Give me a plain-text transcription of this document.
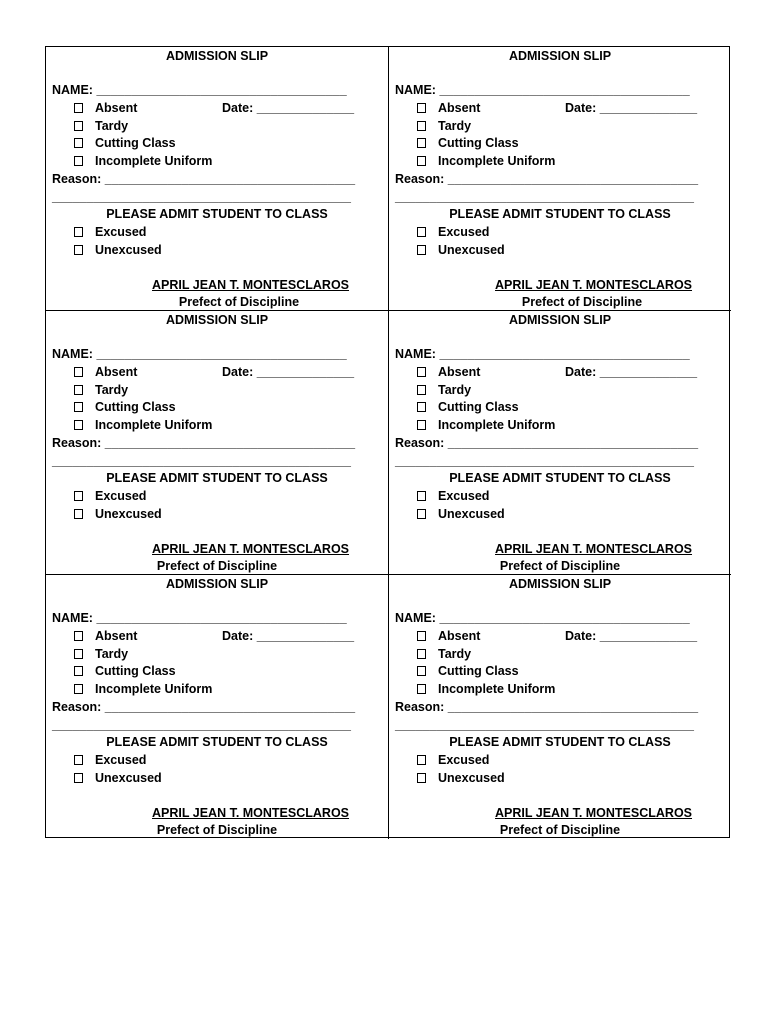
ADMISSION SLIP
NAME: ____________________________________
Absent
Tardy
Cutting Class
Incomplete Uniform
Date: ______________
Reason: ____________________________________
___________________________________________
PLEASE ADMIT STUDENT TO CLASS
Excused
Unexcused
APRIL JEAN T. MONTESCLAROS
Prefect of Discipline
ADMISSION SLIP
NAME: ____________________________________
Absent
Tardy
Cutting Class
Incomplete Uniform
Date: ______________
Reason: ____________________________________
___________________________________________
PLEASE ADMIT STUDENT TO CLASS
Excused
Unexcused
APRIL JEAN T. MONTESCLAROS
Prefect of Discipline
ADMISSION SLIP
NAME: ____________________________________
Absent
Tardy
Cutting Class
Incomplete Uniform
Date: ______________
Reason: ____________________________________
___________________________________________
PLEASE ADMIT STUDENT TO CLASS
Excused
Unexcused
APRIL JEAN T. MONTESCLAROS
Prefect of Discipline
ADMISSION SLIP
NAME: ____________________________________
Absent
Tardy
Cutting Class
Incomplete Uniform
Date: ______________
Reason: ____________________________________
___________________________________________
PLEASE ADMIT STUDENT TO CLASS
Excused
Unexcused
APRIL JEAN T. MONTESCLAROS
Prefect of Discipline
ADMISSION SLIP
NAME: ____________________________________
Absent
Tardy
Cutting Class
Incomplete Uniform
Date: ______________
Reason: ____________________________________
___________________________________________
PLEASE ADMIT STUDENT TO CLASS
Excused
Unexcused
APRIL JEAN T. MONTESCLAROS
Prefect of Discipline
ADMISSION SLIP
NAME: ____________________________________
Absent
Tardy
Cutting Class
Incomplete Uniform
Date: ______________
Reason: ____________________________________
___________________________________________
PLEASE ADMIT STUDENT TO CLASS
Excused
Unexcused
APRIL JEAN T. MONTESCLAROS
Prefect of Discipline
